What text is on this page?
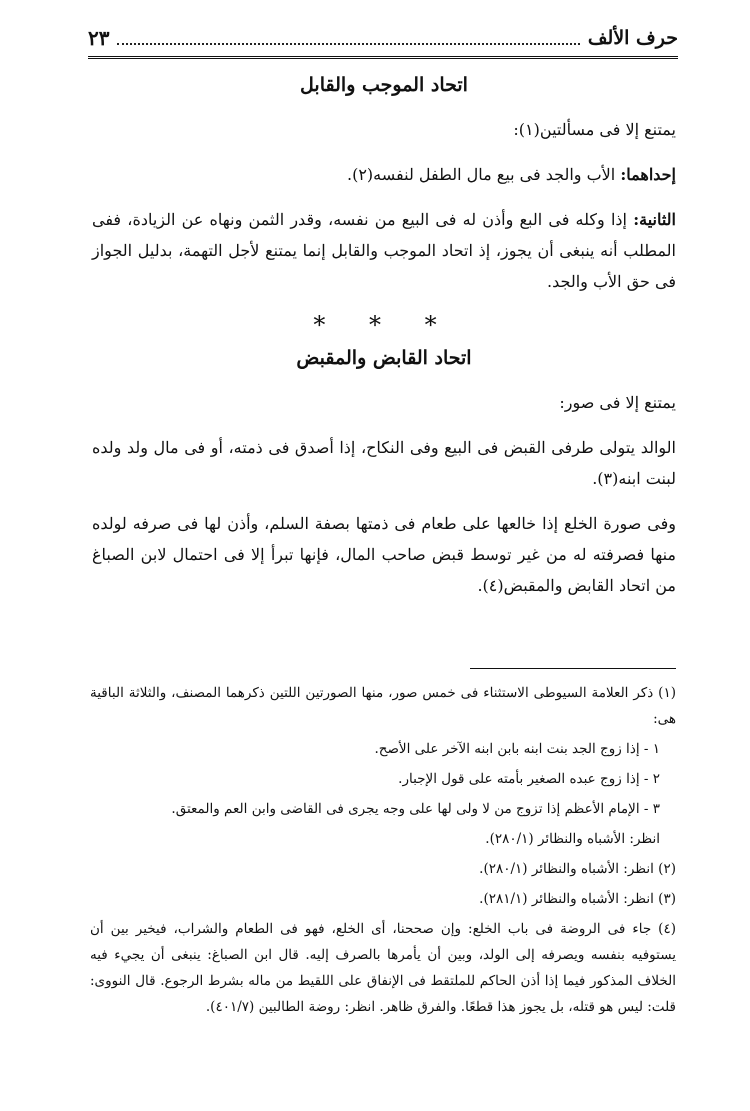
حرف الألف
٢٣
اتحاد الموجب والقابل

يمتنع إلا فى مسألتين(١):

إحداهما: الأب والجد فى بيع مال الطفل لنفسه(٢).

الثانية: إذا وكله فى البع وأذن له فى البيع من نفسه، وقدر الثمن ونهاه عن الزيادة، ففى المطلب أنه ينبغى أن يجوز، إذ اتحاد الموجب والقابل إنما يمتنع لأجل التهمة، بدليل الجواز فى حق الأب والجد.

* * *
اتحاد القابض والمقبض

يمتنع إلا فى صور:

الوالد يتولى طرفى القبض فى البيع وفى النكاح، إذا أصدق فى ذمته، أو فى مال ولد ولده لبنت ابنه(٣).

وفى صورة الخلع إذا خالعها على طعام فى ذمتها بصفة السلم، وأذن لها فى صرفه لولده منها فصرفته له من غير توسط قبض صاحب المال، فإنها تبرأ إلا فى احتمال لابن الصباغ من اتحاد القابض والمقبض(٤).

(١) ذكر العلامة السيوطى الاستثناء فى خمس صور، منها الصورتين اللتين ذكرهما المصنف، والثلاثة الباقية هى:
١ - إذا زوج الجد بنت ابنه بابن ابنه الآخر على الأصح.
٢ - إذا زوج عبده الصغير بأمته على قول الإجبار.
٣ - الإمام الأعظم إذا تزوج من لا ولى لها على وجه يجرى فى القاضى وابن العم والمعتق.
انظر: الأشباه والنظائر (٢٨٠/١).
(٢) انظر: الأشباه والنظائر (٢٨٠/١).
(٣) انظر: الأشباه والنظائر (٢٨١/١).
(٤) جاء فى الروضة فى باب الخلع: وإن صححنا، أى الخلع، فهو فى الطعام والشراب، فيخير بين أن يستوفيه بنفسه ويصرفه إلى الولد، وبين أن يأمرها بالصرف إليه. قال ابن الصباغ: ينبغى أن يجيء فيه الخلاف المذكور فيما إذا أذن الحاكم للملتقط فى الإنفاق على اللقيط من ماله بشرط الرجوع. قال النووى: قلت: ليس هو قتله، بل يجوز هذا قطعًا. والفرق ظاهر. انظر: روضة الطالبين (٤٠١/٧).
